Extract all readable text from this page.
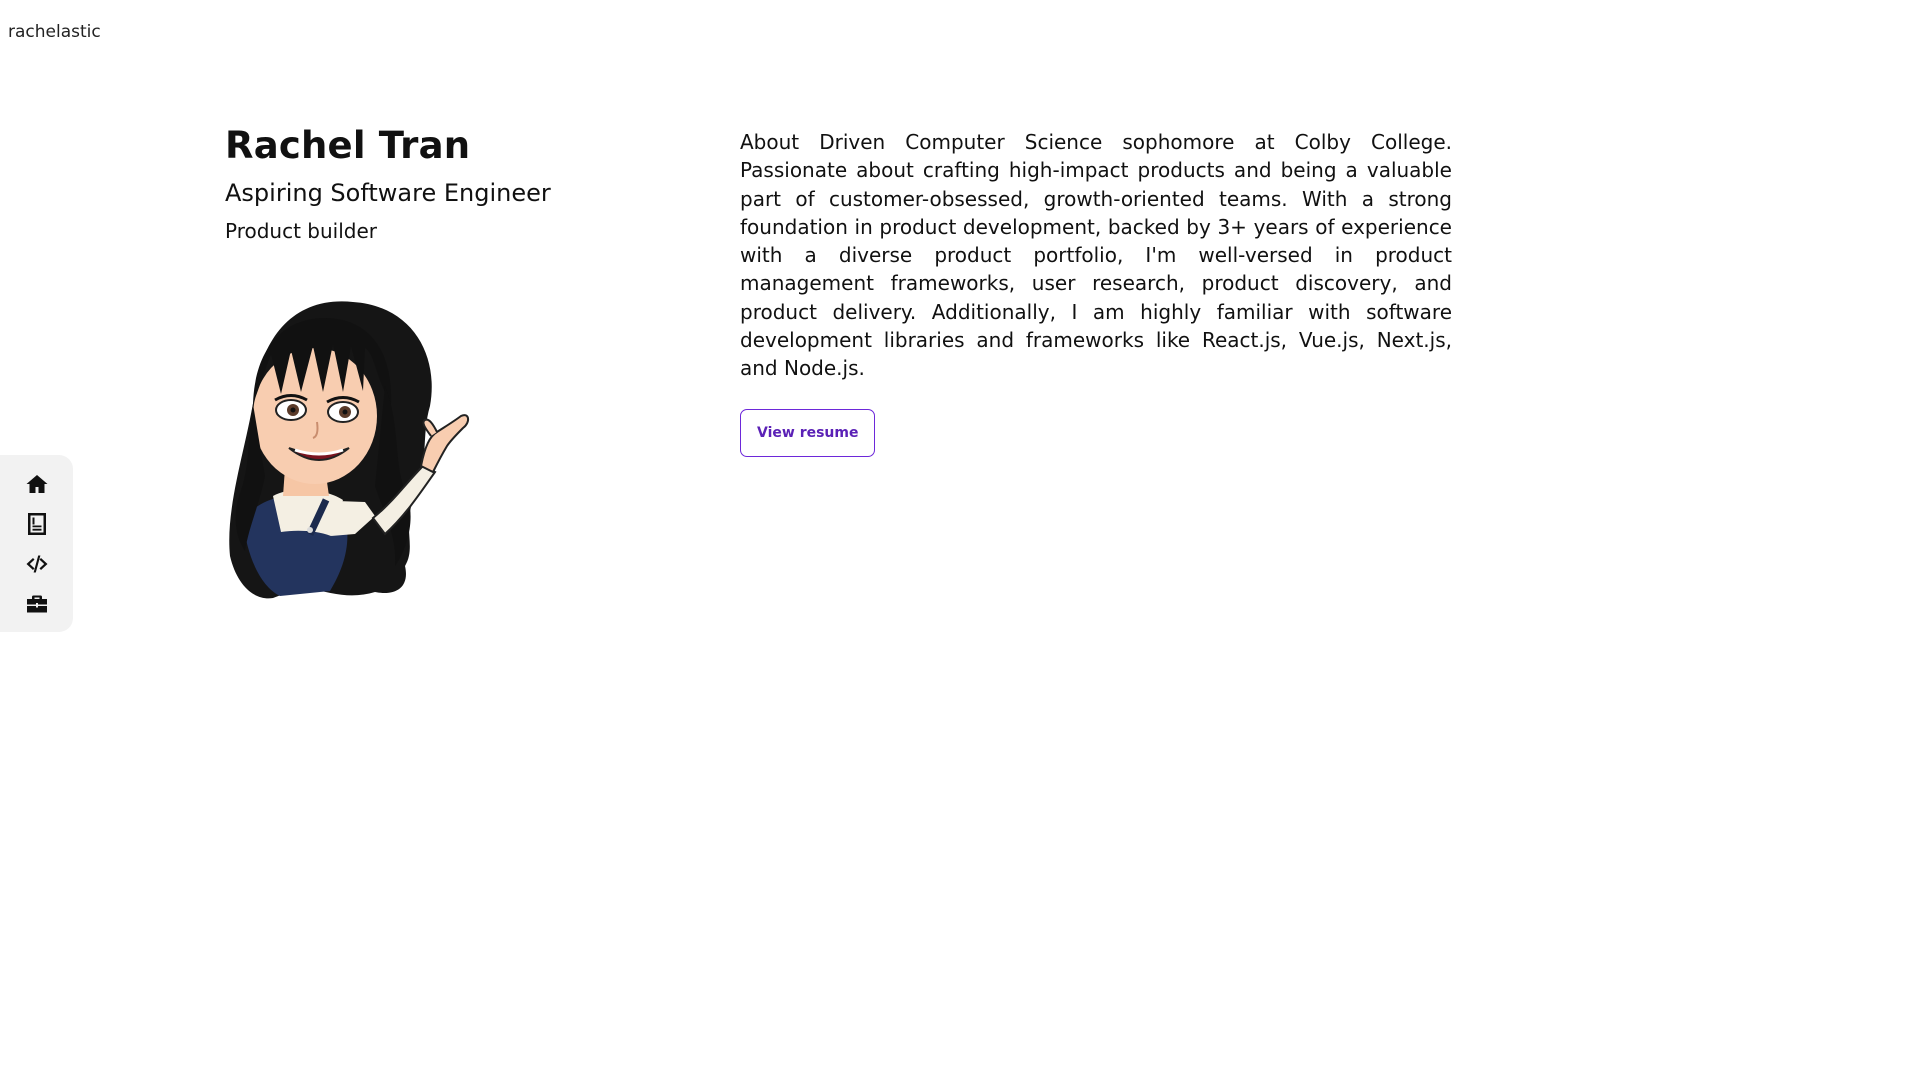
rachelastic
Rachel Tran
Aspiring Software Engineer

Product builder

About Driven Computer Science sophomore at Colby College. Passionate about crafting high-impact products and being a valuable part of customer-obsessed, growth-oriented teams. With a strong foundation in product development, backed by 3+ years of experience with a diverse product portfolio, I'm well-versed in product management frameworks, user research, product discovery, and product delivery. Additionally, I am highly familiar with software development libraries and frameworks like React.js, Vue.js, Next.js, and Node.js.

View resume
